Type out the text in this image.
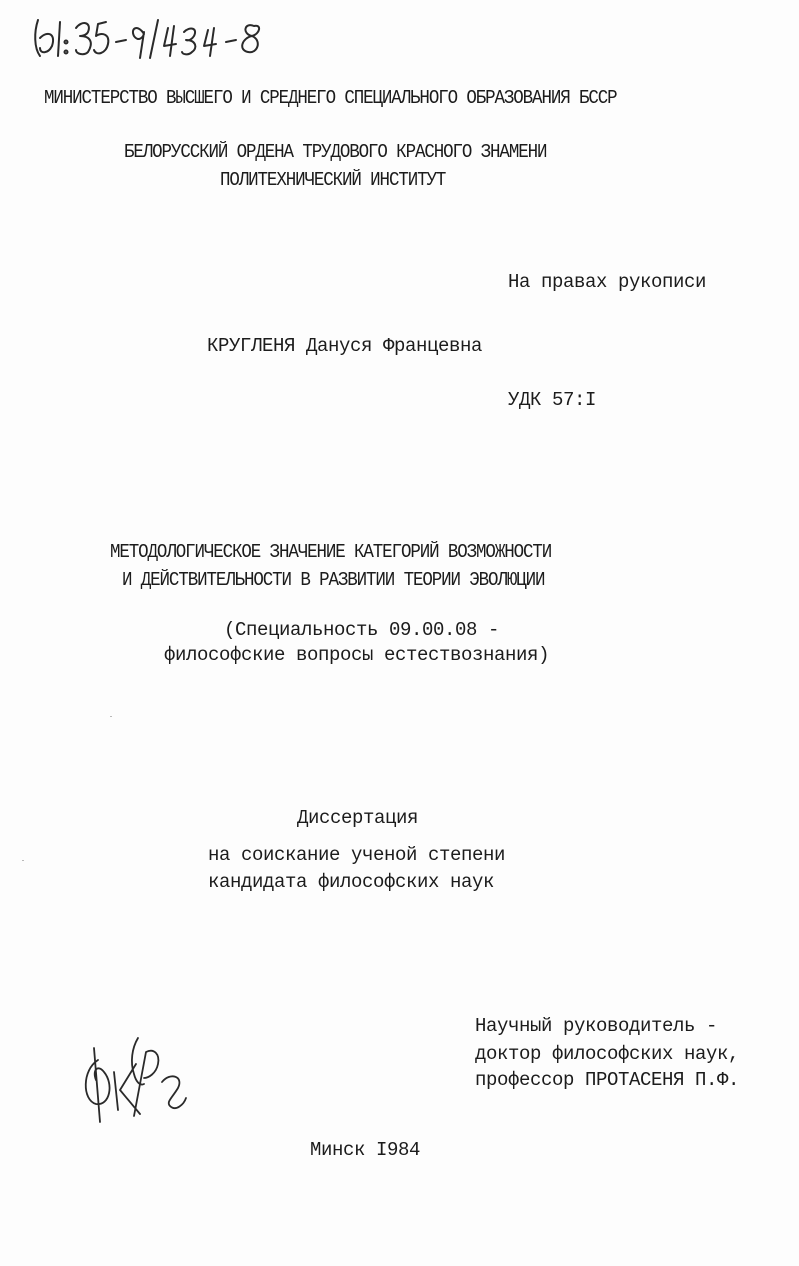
МИНИСТЕРСТВО ВЫСШЕГО И СРЕДНЕГО СПЕЦИАЛЬНОГО ОБРАЗОВАНИЯ БССР
БЕЛОРУССКИЙ ОРДЕНА ТРУДОВОГО КРАСНОГО ЗНАМЕНИ
ПОЛИТЕХНИЧЕСКИЙ ИНСТИТУТ
На правах рукописи
КРУГЛЕНЯ Дануся Францевна
УДК 57:I
МЕТОДОЛОГИЧЕСКОЕ ЗНАЧЕНИЕ КАТЕГОРИЙ ВОЗМОЖНОСТИ
И ДЕЙСТВИТЕЛЬНОСТИ В РАЗВИТИИ ТЕОРИИ ЭВОЛЮЦИИ
(Специальность 09.00.08 -
философские вопросы естествознания)
Диссертация
на соискание ученой степени
кандидата философских наук
Научный руководитель -
доктор философских наук,
профессор ПРОТАСЕНЯ П.Ф.
Минск I984
